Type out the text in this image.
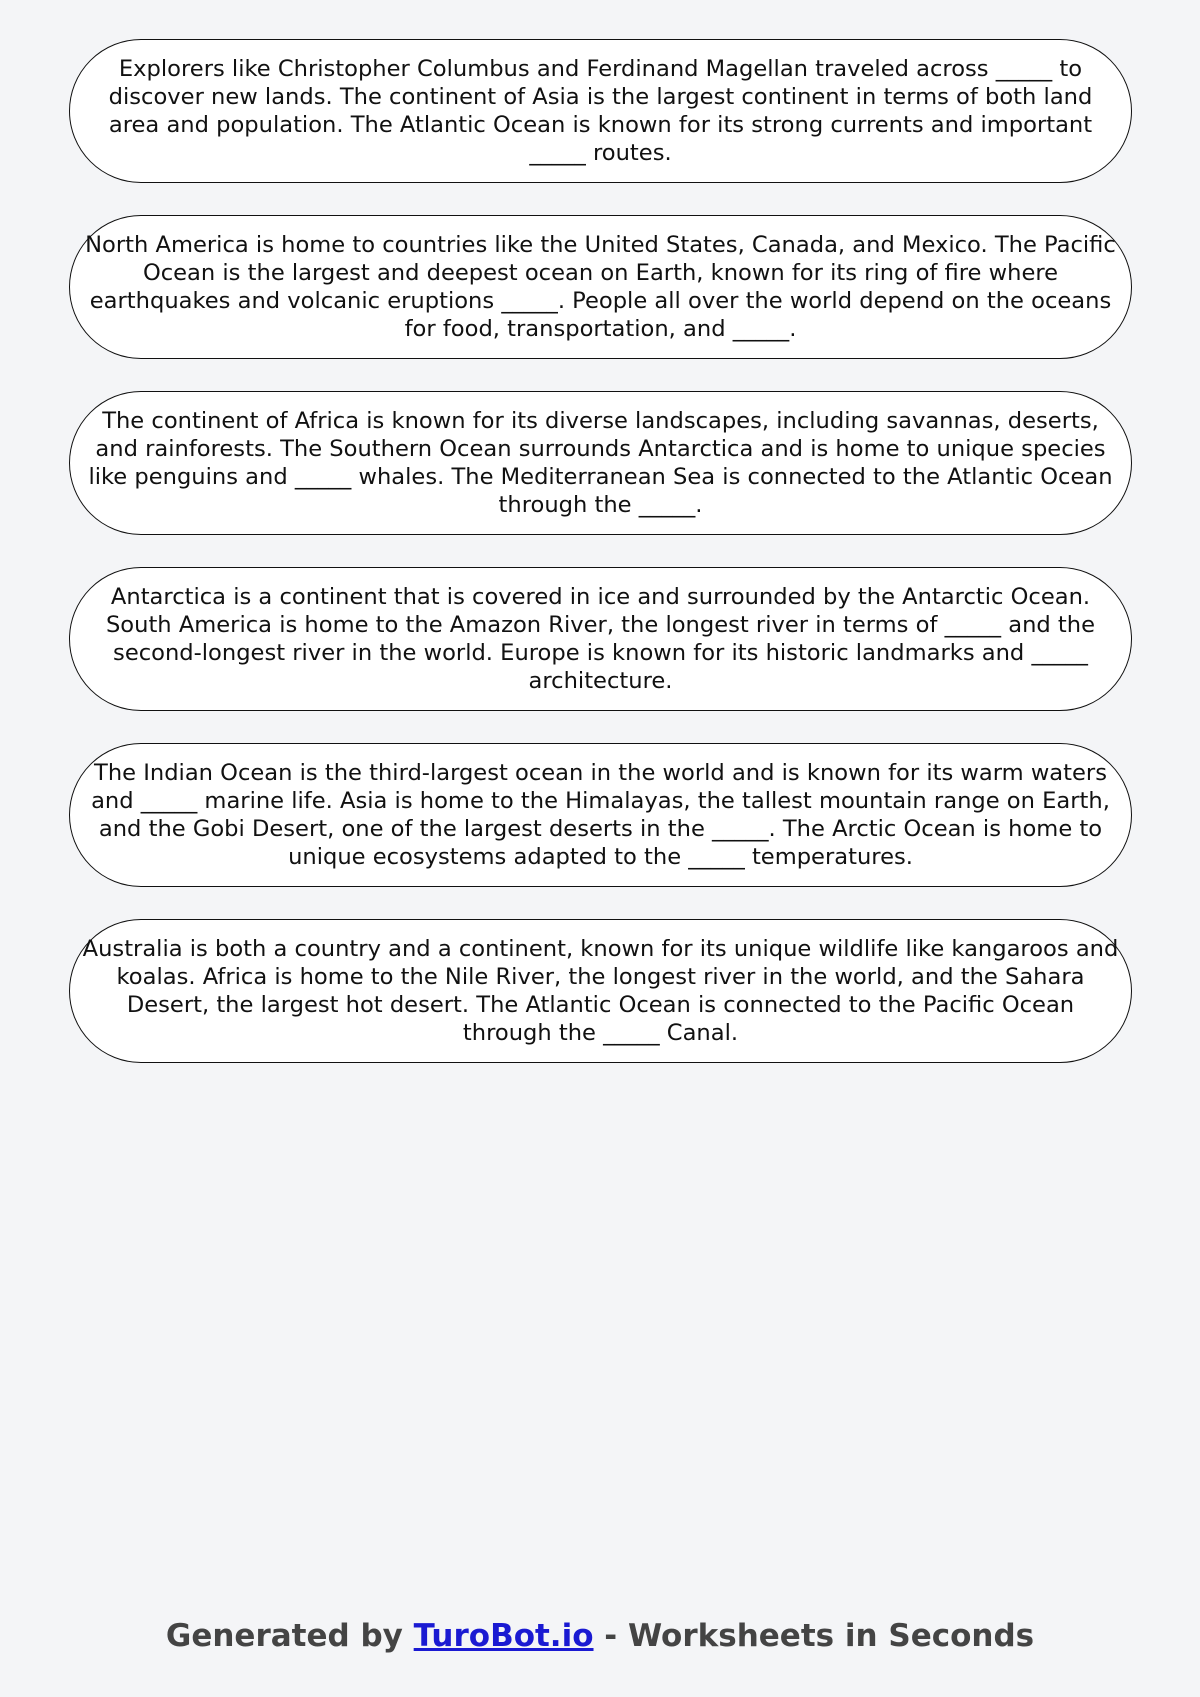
Explorers like Christopher Columbus and Ferdinand Magellan traveled across _____ to discover new lands. The continent of Asia is the largest continent in terms of both land area and population. The Atlantic Ocean is known for its strong currents and important _____ routes.

North America is home to countries like the United States, Canada, and Mexico. The Pacific Ocean is the largest and deepest ocean on Earth, known for its ring of fire where earthquakes and volcanic eruptions _____. People all over the world depend on the oceans for food, transportation, and _____.

The continent of Africa is known for its diverse landscapes, including savannas, deserts, and rainforests. The Southern Ocean surrounds Antarctica and is home to unique species like penguins and _____ whales. The Mediterranean Sea is connected to the Atlantic Ocean through the _____.

Antarctica is a continent that is covered in ice and surrounded by the Antarctic Ocean. South America is home to the Amazon River, the longest river in terms of _____ and the second-longest river in the world. Europe is known for its historic landmarks and _____ architecture.

The Indian Ocean is the third-largest ocean in the world and is known for its warm waters and _____ marine life. Asia is home to the Himalayas, the tallest mountain range on Earth, and the Gobi Desert, one of the largest deserts in the _____. The Arctic Ocean is home to unique ecosystems adapted to the _____ temperatures.

Australia is both a country and a continent, known for its unique wildlife like kangaroos and koalas. Africa is home to the Nile River, the longest river in the world, and the Sahara Desert, the largest hot desert. The Atlantic Ocean is connected to the Pacific Ocean through the _____ Canal.

Generated by TuroBot.io - Worksheets in Seconds
